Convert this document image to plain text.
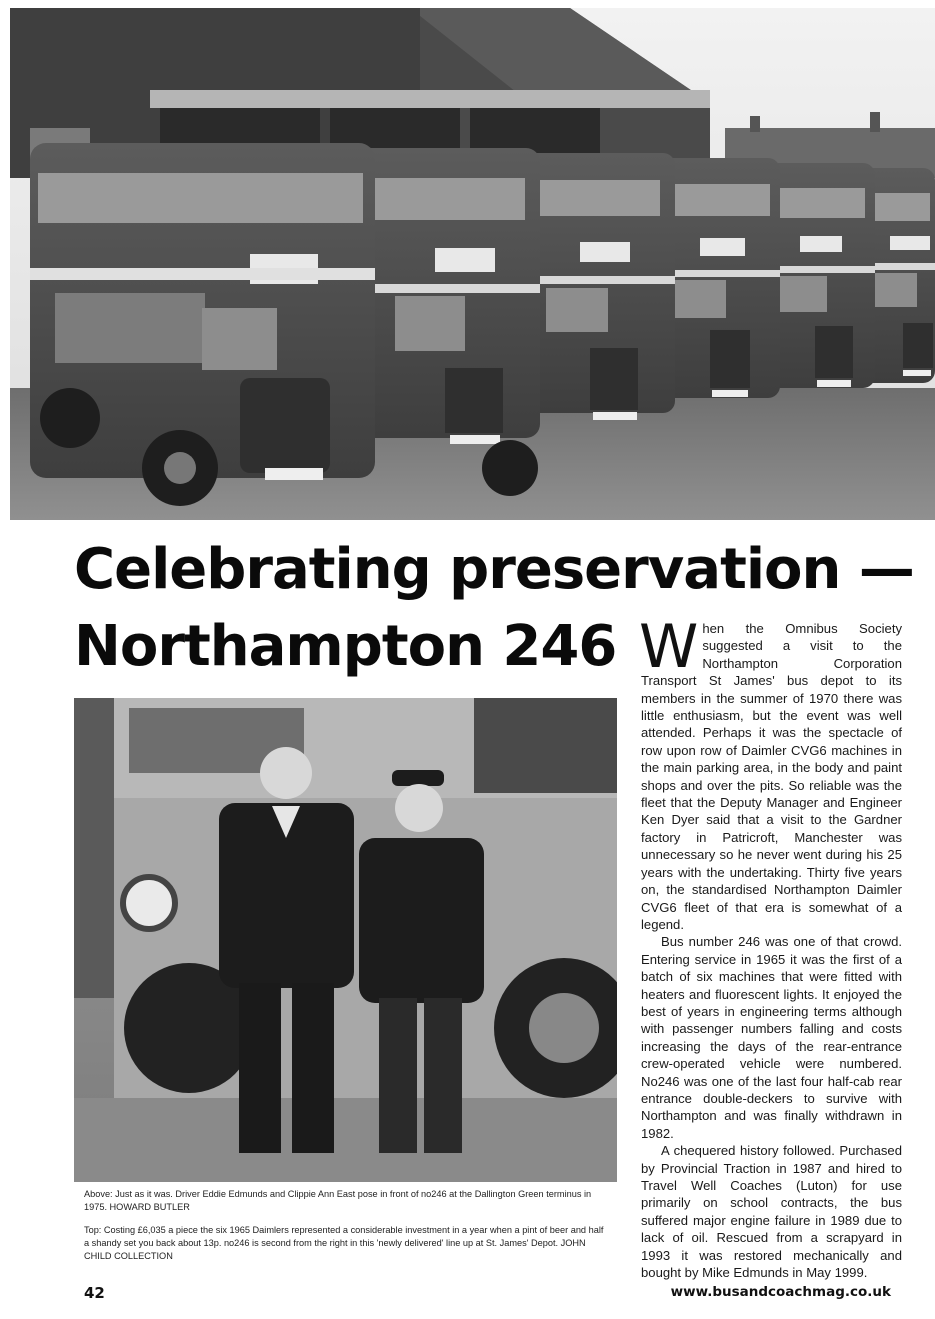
Celebrating preservation —
Northampton 246 When the Omnibus Society suggested a visit to the Northampton Corporation Transport St James' bus depot to its members in the summer of 1970 there was little enthusiasm, but the event was well attended. Perhaps it was the spectacle of row upon row of Daimler CVG6 machines in the main parking area, in the body and paint shops and over the pits. So reliable was the fleet that the Deputy Manager and Engineer Ken Dyer said that a visit to the Gardner factory in Patricroft, Manchester was unnecessary so he never went during his 25 years with the undertaking. Thirty five years on, the standardised Northampton Daimler CVG6 fleet of that era is somewhat of a legend.

Bus number 246 was one of that crowd. Entering service in 1965 it was the first of a batch of six machines that were fitted with heaters and fluorescent lights. It enjoyed the best of years in engineering terms although with passenger numbers falling and costs increasing the days of the rear-entrance crew-operated vehicle were numbered. No246 was one of the last four half-cab rear entrance double-deckers to survive with Northampton and was finally withdrawn in 1982.

A chequered history followed. Purchased by Provincial Traction in 1987 and hired to Travel Well Coaches (Luton) for use primarily on school contracts, the bus suffered major engine failure in 1989 due to lack of oil. Rescued from a scrapyard in 1993 it was restored mechanically and bought by Mike Edmunds in May 1999.

Above: Just as it was. Driver Eddie Edmunds and Clippie Ann East pose in front of no246 at the Dallington Green terminus in 1975. HOWARD BUTLER

Top: Costing £6,035 a piece the six 1965 Daimlers represented a considerable investment in a year when a pint of beer and half a shandy set you back about 13p. no246 is second from the right in this 'newly delivered' line up at St. James' Depot. JOHN CHILD COLLECTION

42	www.busandcoachmag.co.uk
